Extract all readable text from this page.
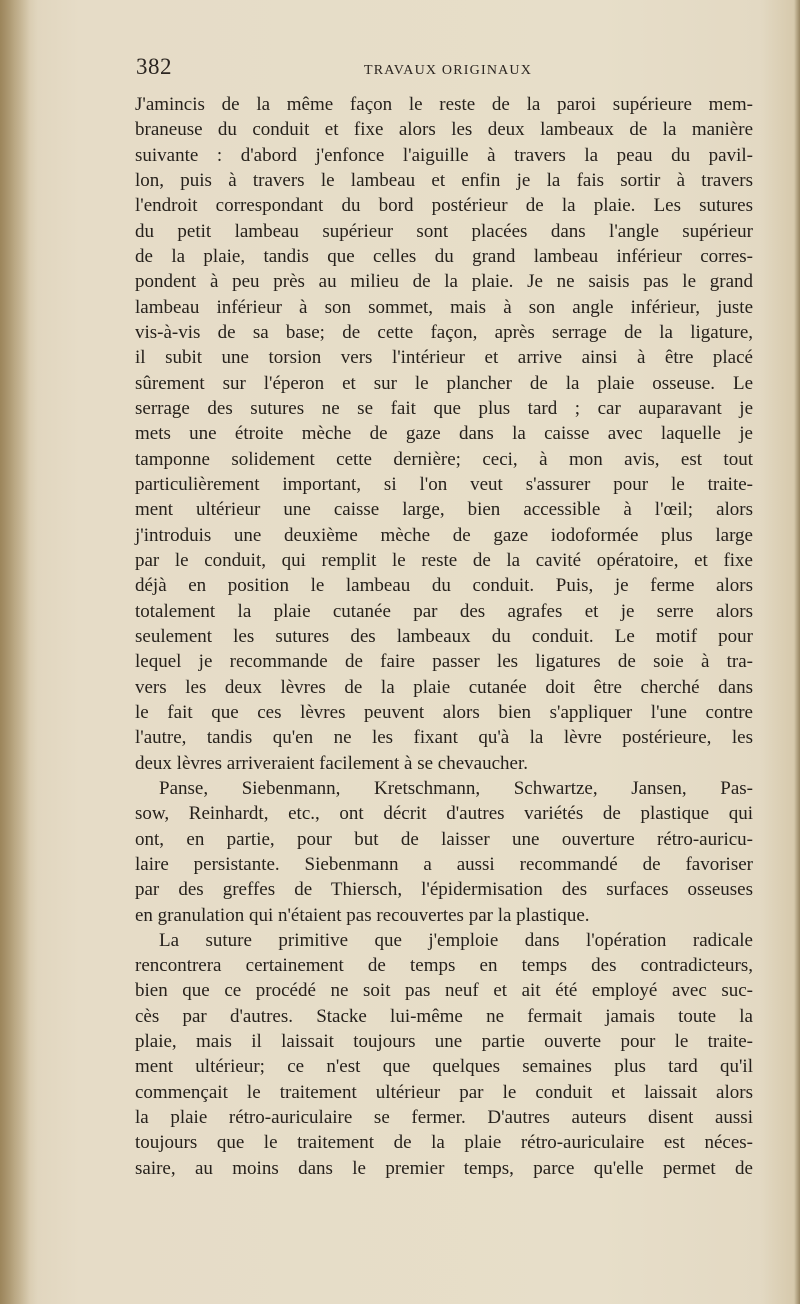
382	TRAVAUX ORIGINAUX
J'amincis de la même façon le reste de la paroi supérieure mem-
braneuse du conduit et fixe alors les deux lambeaux de la manière
suivante : d'abord j'enfonce l'aiguille à travers la peau du pavil-
lon, puis à travers le lambeau et enfin je la fais sortir à travers
l'endroit correspondant du bord postérieur de la plaie. Les sutures
du petit lambeau supérieur sont placées dans l'angle supérieur
de la plaie, tandis que celles du grand lambeau inférieur corres-
pondent à peu près au milieu de la plaie. Je ne saisis pas le grand
lambeau inférieur à son sommet, mais à son angle inférieur, juste
vis-à-vis de sa base; de cette façon, après serrage de la ligature,
il subit une torsion vers l'intérieur et arrive ainsi à être placé
sûrement sur l'éperon et sur le plancher de la plaie osseuse. Le
serrage des sutures ne se fait que plus tard ; car auparavant je
mets une étroite mèche de gaze dans la caisse avec laquelle je
tamponne solidement cette dernière; ceci, à mon avis, est tout
particulièrement important, si l'on veut s'assurer pour le traite-
ment ultérieur une caisse large, bien accessible à l'œil; alors
j'introduis une deuxième mèche de gaze iodoformée plus large
par le conduit, qui remplit le reste de la cavité opératoire, et fixe
déjà en position le lambeau du conduit. Puis, je ferme alors
totalement la plaie cutanée par des agrafes et je serre alors
seulement les sutures des lambeaux du conduit. Le motif pour
lequel je recommande de faire passer les ligatures de soie à tra-
vers les deux lèvres de la plaie cutanée doit être cherché dans
le fait que ces lèvres peuvent alors bien s'appliquer l'une contre
l'autre, tandis qu'en ne les fixant qu'à la lèvre postérieure, les
deux lèvres arriveraient facilement à se chevaucher.
Panse, Siebenmann, Kretschmann, Schwartze, Jansen, Pas-
sow, Reinhardt, etc., ont décrit d'autres variétés de plastique qui
ont, en partie, pour but de laisser une ouverture rétro-auricu-
laire persistante. Siebenmann a aussi recommandé de favoriser
par des greffes de Thiersch, l'épidermisation des surfaces osseuses
en granulation qui n'étaient pas recouvertes par la plastique.
La suture primitive que j'emploie dans l'opération radicale
rencontrera certainement de temps en temps des contradicteurs,
bien que ce procédé ne soit pas neuf et ait été employé avec suc-
cès par d'autres. Stacke lui-même ne fermait jamais toute la
plaie, mais il laissait toujours une partie ouverte pour le traite-
ment ultérieur; ce n'est que quelques semaines plus tard qu'il
commençait le traitement ultérieur par le conduit et laissait alors
la plaie rétro-auriculaire se fermer. D'autres auteurs disent aussi
toujours que le traitement de la plaie rétro-auriculaire est néces-
saire, au moins dans le premier temps, parce qu'elle permet de
